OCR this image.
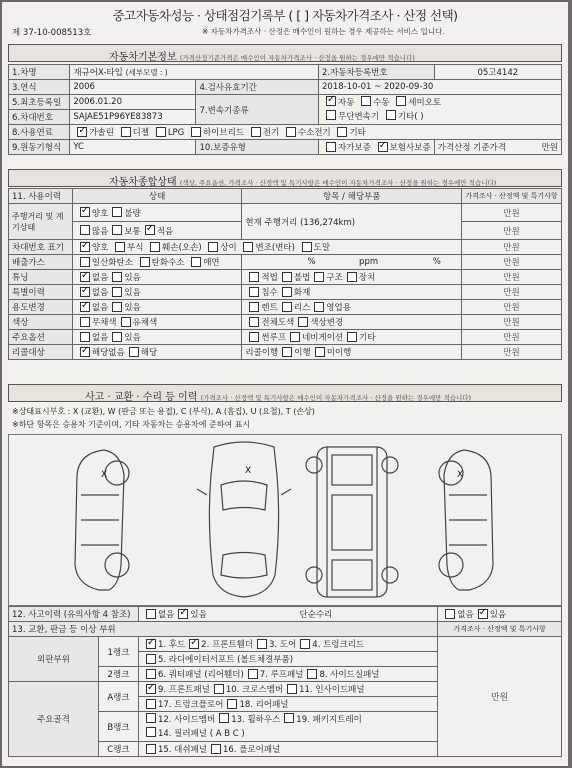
중고자동차성능 · 상태점검기록부 ( [ ] 자동차가격조사 · 산정 선택)
제 37-10-008513호	※ 자동차가격조사 · 산정은 매수인이 원하는 경우 제공하는 서비스 입니다.
자동차기본정보 (가격산정기준가격은 매수인이 자동차가격조사 · 산정을 원하는 경우에만 적습니다)
1.차명	재규어X-타입 (세부모델 : )		2.자동차등록번호	05고4142
3.연식	2006	4.검사유효기간	2018-10-01 ~ 2020-09-30	
5.최초등록일	2006.01.20	7.변속기종류	✓자동 수동 세미오토
무단변속기 기타( )
6.차대번호	SAJAE51P96YE83873			
8.사용연료	✓가솔린 디젤 LPG 하이브리드 전기 수소전기 기타
9.원동기형식	YC	10.보증유형	자가보증 ✓ 보험사보증	가격산정 기준가격 만원
자동차종합상태 (색상, 주요옵션, 가격조사 · 산정액 및 특기사항은 매수인이 자동차가격조사 · 산정을 원하는 경우에만 적습니다)
11. 사용이력	상태	항목 / 해당부품	가격조사 · 산정액 및 특기사항
주행거리 및 계기상태	✓양호 불량	현재 주행거리 (136,274km)	만원
	많음 보통 ✓ 적음		만원
차대번호 표기	✓양호 부식 훼손(오손) 상이 변조(변타) 도말		만원
배출가스	일산화탄소 탄화수소 매연	% ppm %	만원
튜닝	✓없음 있음	적법 불법 구조 장치	만원
특별이력	✓없음 있음	침수 화재	만원
용도변경	✓없음 있음	렌트 리스 영업용	만원
색상	무채색 유채색	전체도색 색상변경	만원
주요옵션	없음 있음	썬루프 네비게이션 기타	만원
리콜대상	✓해당없음 해당	리콜이행 이행 미이행	만원
사고 · 교환 · 수리 등 이력 (가격조사 · 산정액 및 특기사항은 매수인이 자동차가격조사 · 산정을 원하는 경우에만 적습니다)
※상태표시부호 : X (교환), W (판금 또는 용접), C (부식), A (흠집), U (요철), T (손상)
※하단 항목은 승용차 기준이며, 기타 자동차는 승용차에 준하여 표시
X
X	X
12. 사고이력 (유의사항 4 참조)		없음 ✓ 있음 단순수리	없음 ✓ 있음
13. 교환, 판금 등 이상 부위			가격조사 · 산정액 및 특기사항
외판부위	1랭크	✓1. 후드 ✓ 2. 프론트휀더 3. 도어 4. 트렁크리드	만원
		5. 라디에이터서포트 (볼트체결부품)	
	2랭크	6. 쿼터패널 (리어휀더) 7. 루프패널 8. 사이드실패널	
주요골격	A랭크	✓9. 프론트패널 10. 크로스멤버 11. 인사이드패널
		17. 트렁크플로어 18. 리어패널	
	B랭크	12. 사이드멤버 13. 휠하우스 19. 패키지트레이
14. 필러패널 ( A B C )	
	C랭크	15. 대쉬패널 16. 플로어패널	
